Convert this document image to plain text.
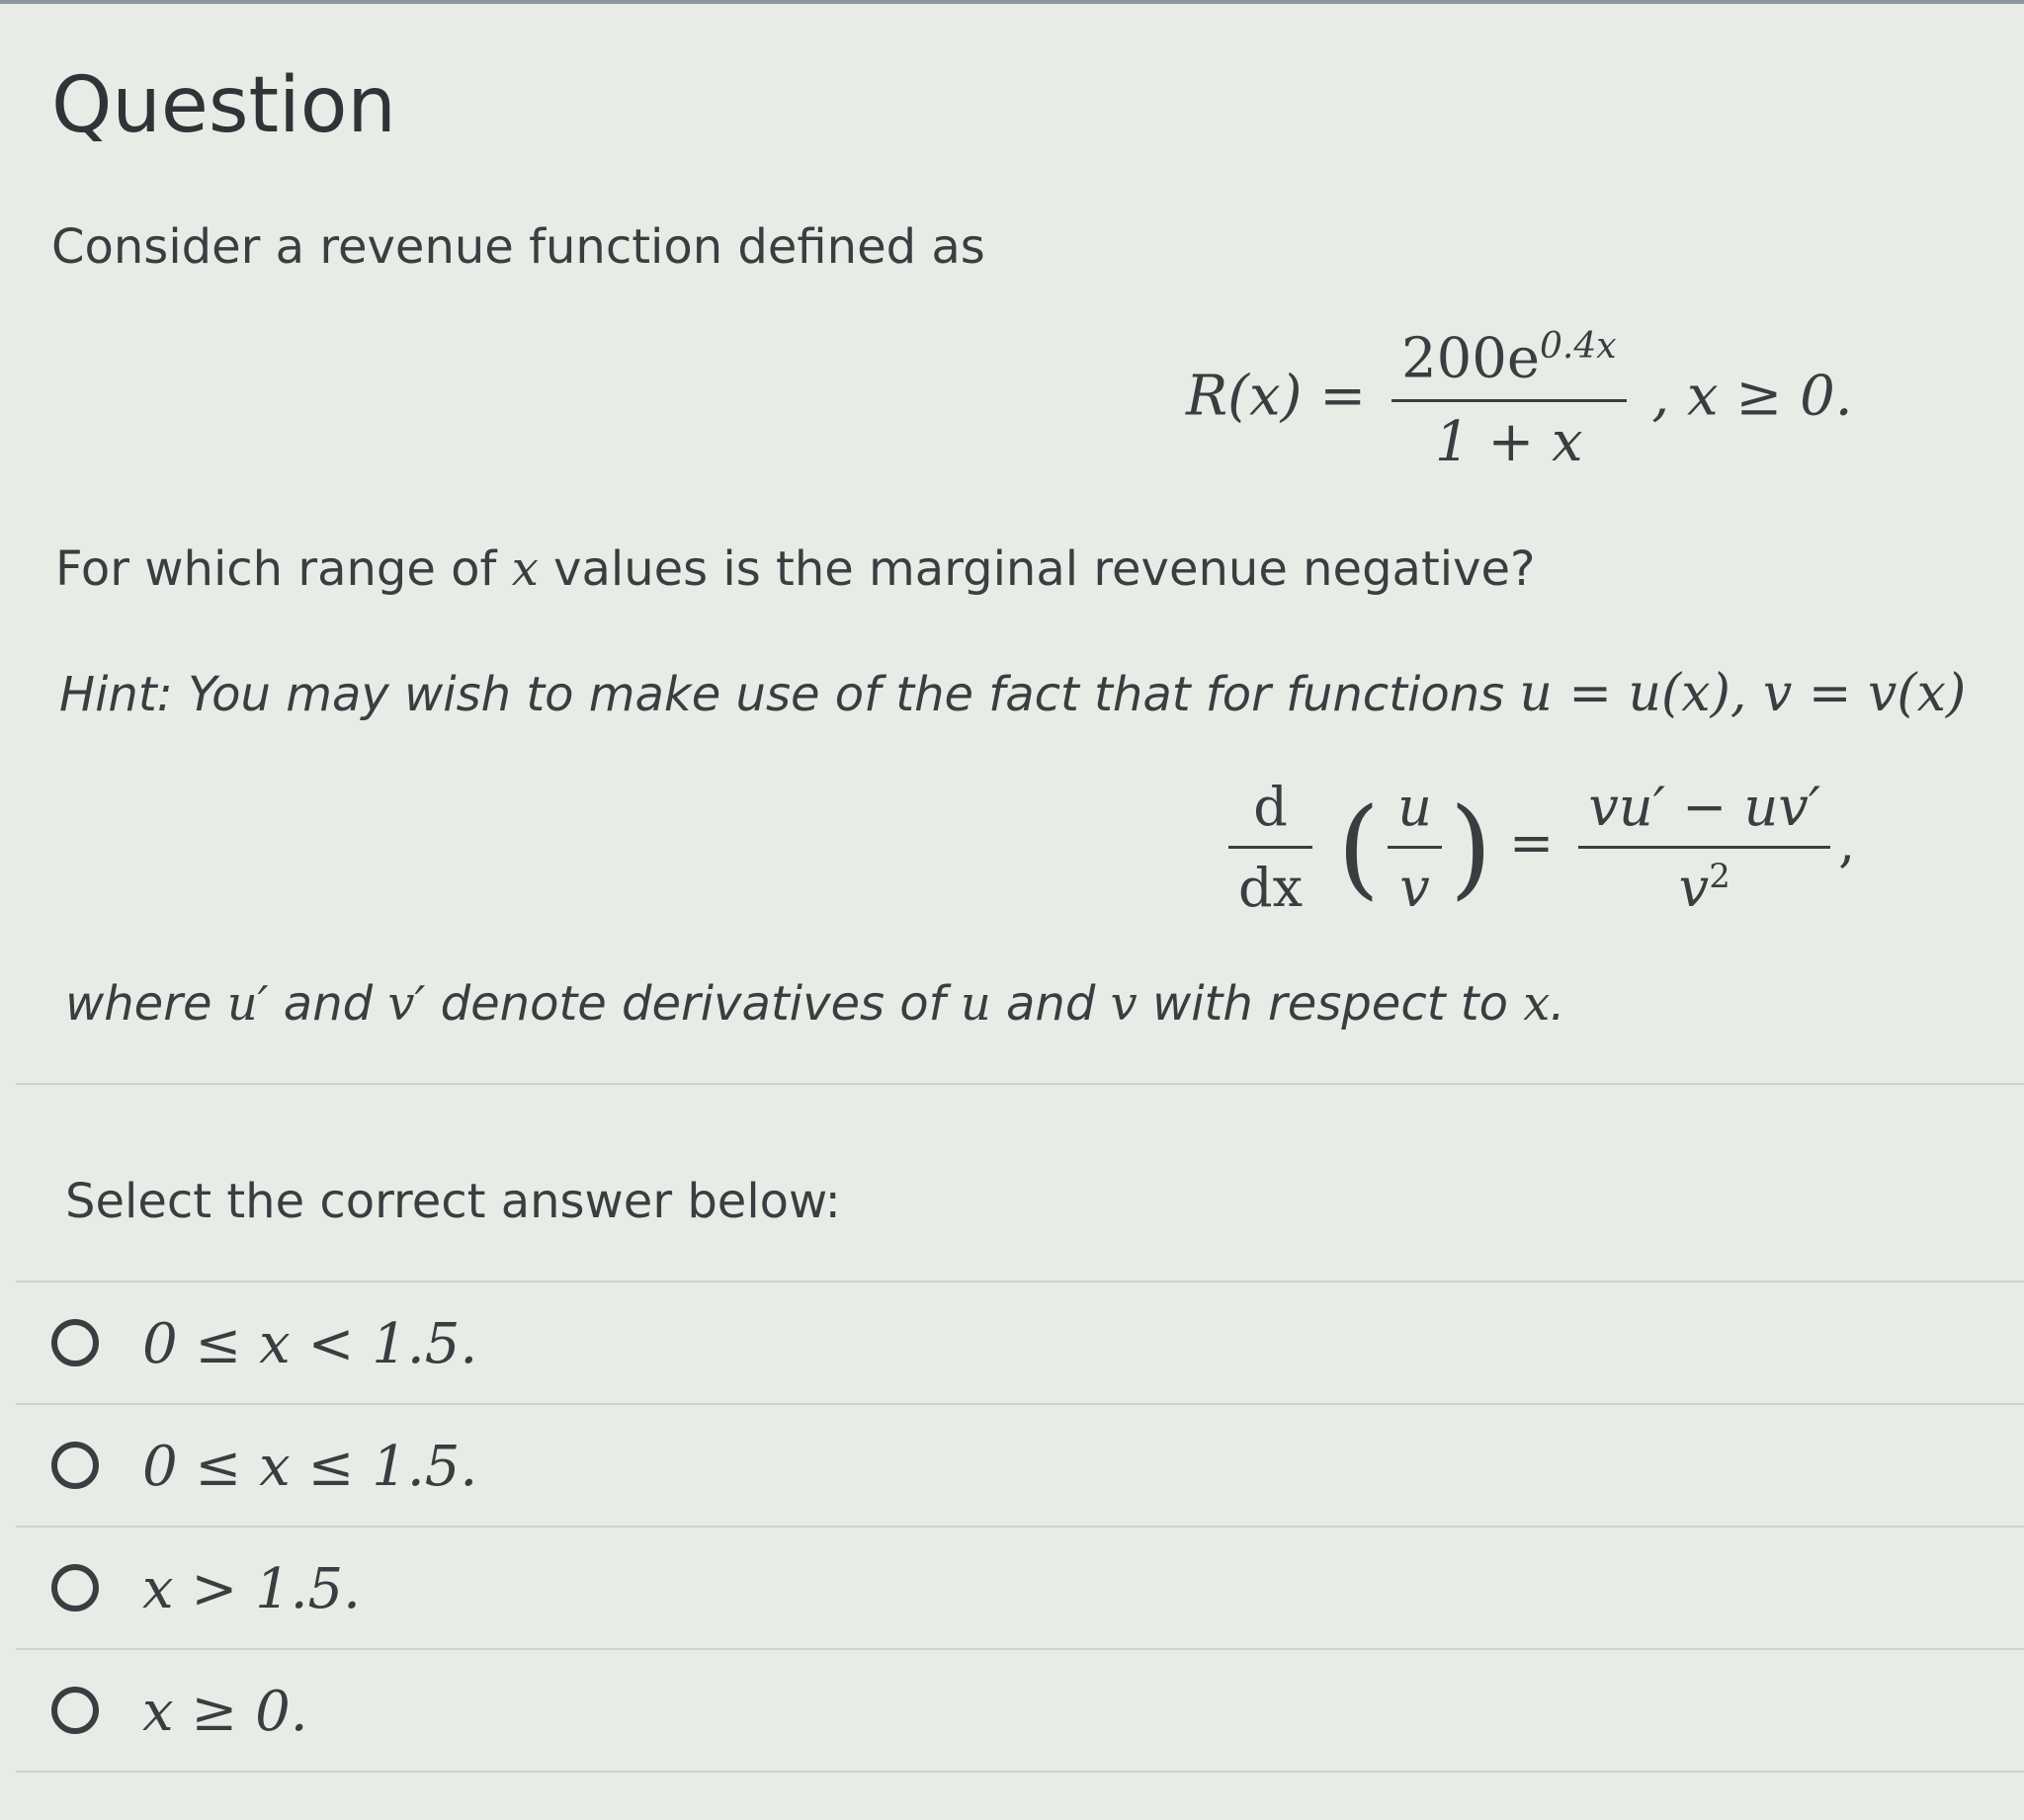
Question
Consider a revenue function defined as
$R(x) = \frac{200e^{0.4x}}{1 + x}$ , x ≥ 0.
For which range of x values is the marginal revenue negative?
Hint: You may wish to make use of the fact that for functions u = u(x), v = v(x)
$\frac{d}{dx}$ ( $\frac{u}{v}$ ) = $\frac{vu' - uv'}{v^2}$ ,
where u′ and v′ denote derivatives of u and v with respect to x.
Select the correct answer below:
0 ≤ x < 1.5.
0 ≤ x ≤ 1.5.
x > 1.5.
x ≥ 0.
